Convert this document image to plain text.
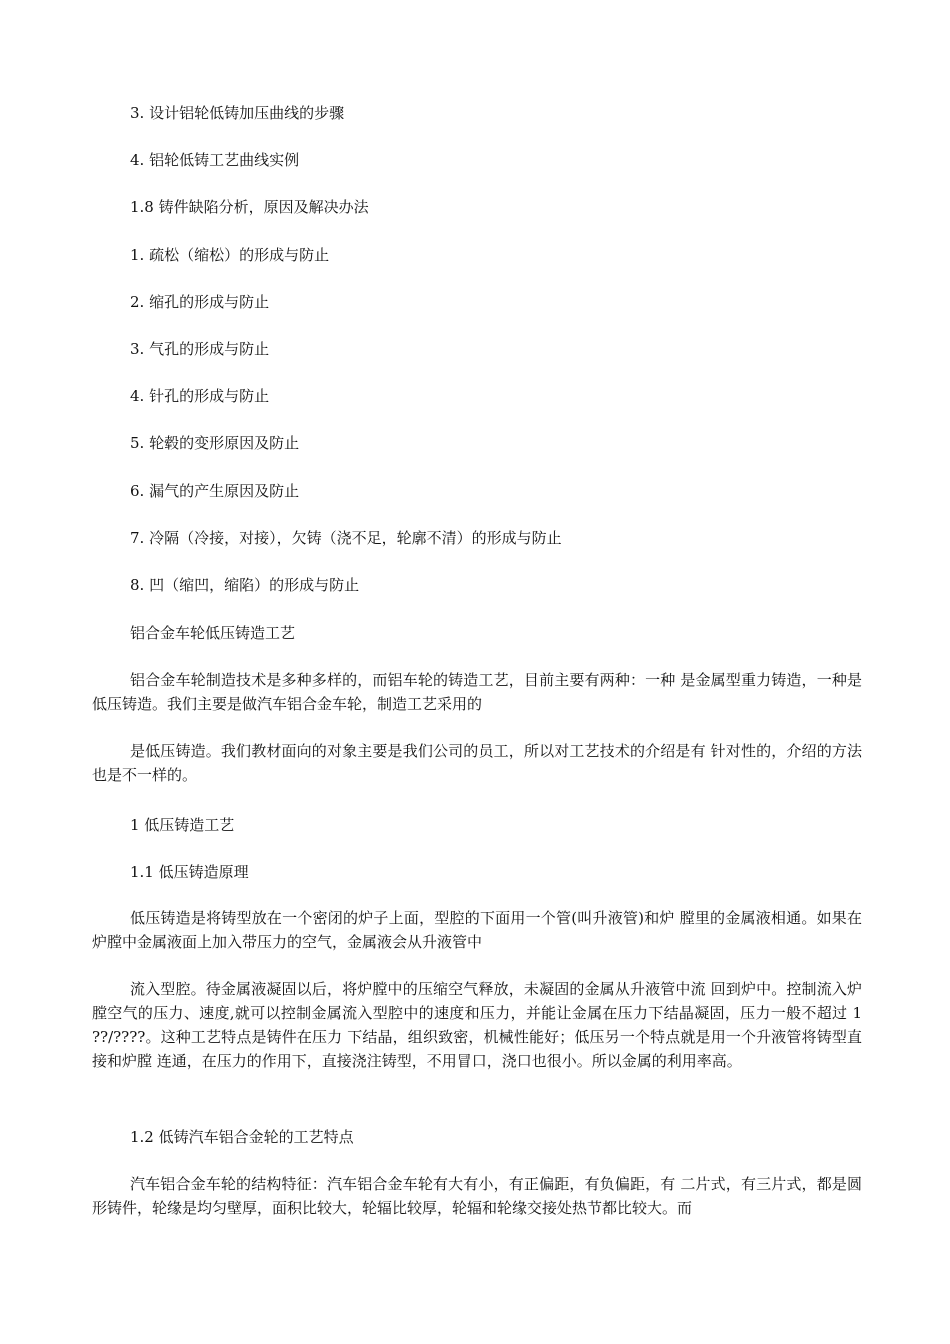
3. 设计铝轮低铸加压曲线的步骤

4. 铝轮低铸工艺曲线实例

1.8 铸件缺陷分析，原因及解决办法

1. 疏松（缩松）的形成与防止

2. 缩孔的形成与防止

3. 气孔的形成与防止

4. 针孔的形成与防止

5. 轮毂的变形原因及防止

6. 漏气的产生原因及防止

7. 冷隔（冷接，对接），欠铸（浇不足，轮廓不清）的形成与防止

8. 凹（缩凹，缩陷）的形成与防止

铝合金车轮低压铸造工艺

铝合金车轮制造技术是多种多样的，而铝车轮的铸造工艺，目前主要有两种：一种 是金属型重力铸造，一种是低压铸造。我们主要是做汽车铝合金车轮，制造工艺采用的

是低压铸造。我们教材面向的对象主要是我们公司的员工，所以对工艺技术的介绍是有 针对性的，介绍的方法也是不一样的。

1 低压铸造工艺

1.1 低压铸造原理

低压铸造是将铸型放在一个密闭的炉子上面，型腔的下面用一个管(叫升液管)和炉 膛里的金属液相通。如果在炉膛中金属液面上加入带压力的空气，金属液会从升液管中

流入型腔。待金属液凝固以后，将炉膛中的压缩空气释放，未凝固的金属从升液管中流 回到炉中。控制流入炉膛空气的压力、速度,就可以控制金属流入型腔中的速度和压力，并能让金属在压力下结晶凝固，压力一般不超过 1 ??/????。这种工艺特点是铸件在压力 下结晶，组织致密，机械性能好；低压另一个特点就是用一个升液管将铸型直接和炉膛 连通，在压力的作用下，直接浇注铸型，不用冒口，浇口也很小。所以金属的利用率高。

1.2 低铸汽车铝合金轮的工艺特点

汽车铝合金车轮的结构特征：汽车铝合金车轮有大有小，有正偏距，有负偏距，有 二片式，有三片式，都是圆形铸件，轮缘是均匀壁厚，面积比较大，轮辐比较厚，轮辐和轮缘交接处热节都比较大。而
